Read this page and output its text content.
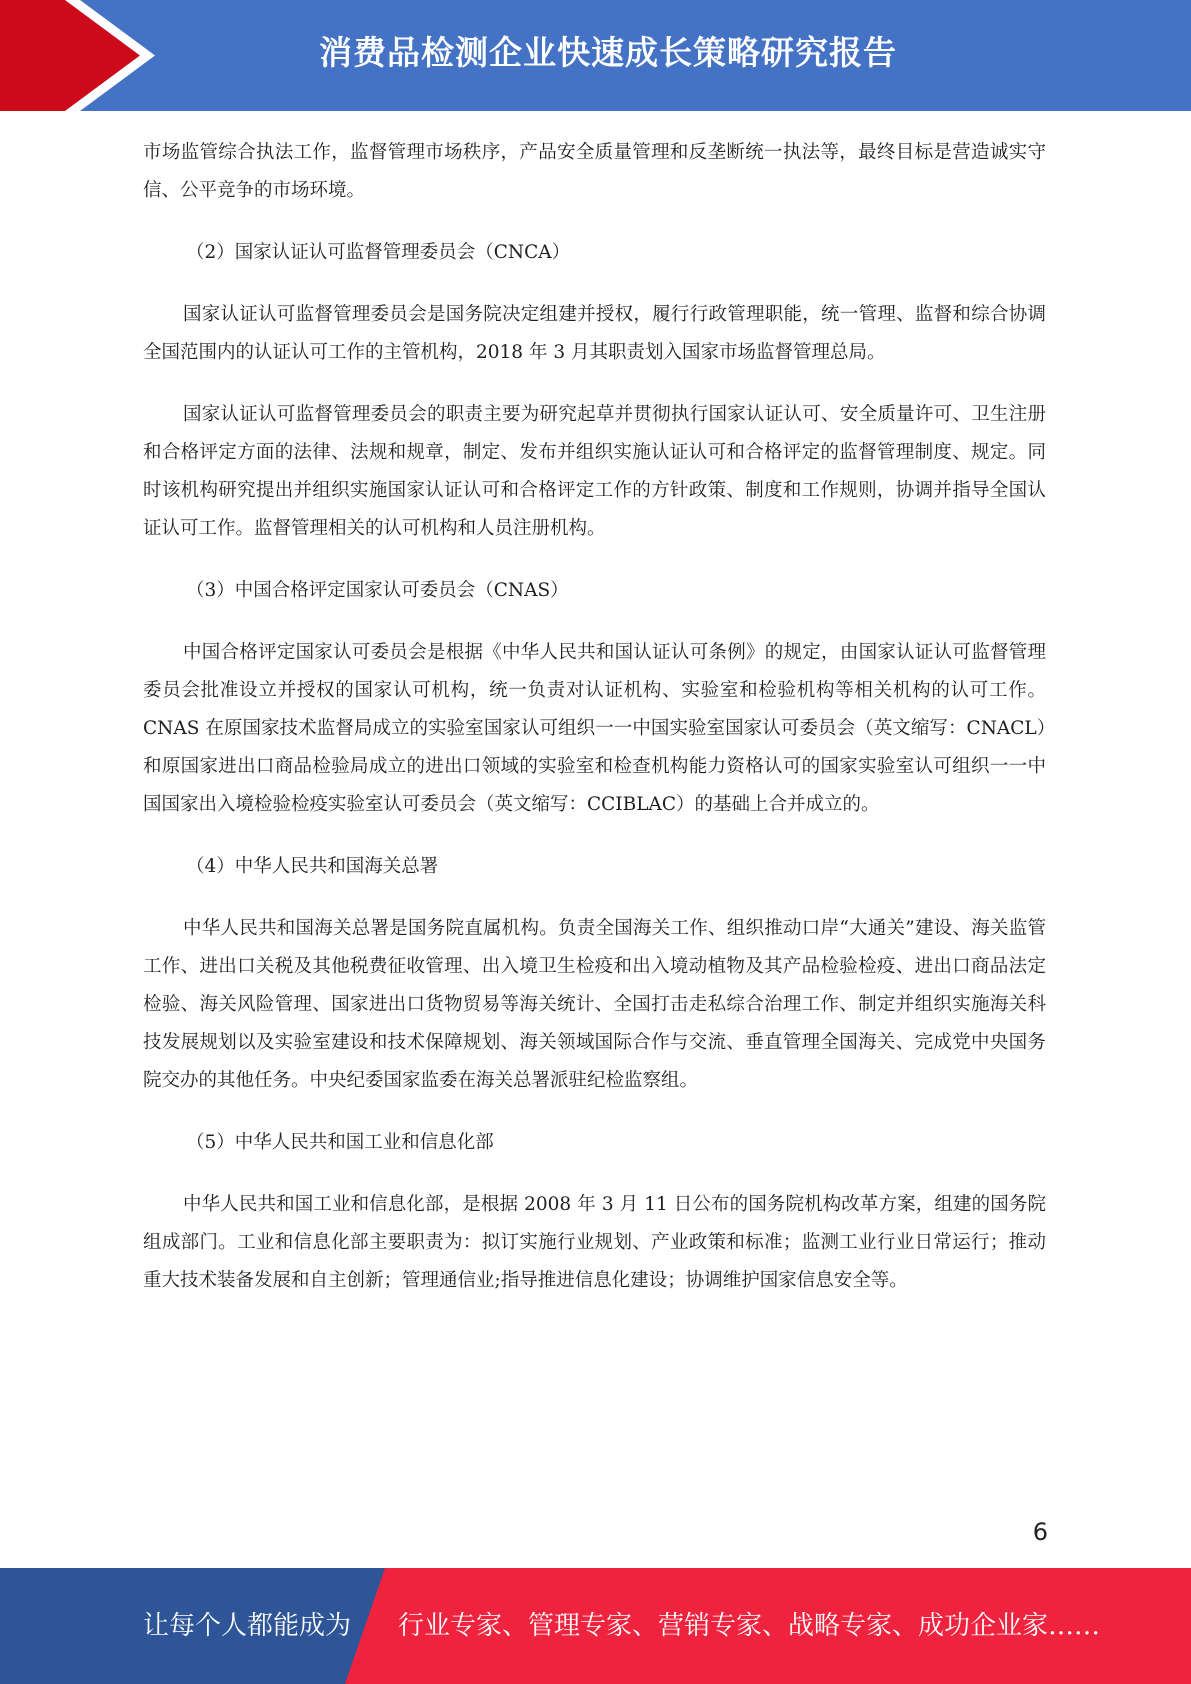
消费品检测企业快速成长策略研究报告

市场监管综合执法工作，监督管理市场秩序，产品安全质量管理和反垄断统一执法等，最终目标是营造诚实守信、公平竞争的市场环境。

（2）国家认证认可监督管理委员会（CNCA）

国家认证认可监督管理委员会是国务院决定组建并授权，履行行政管理职能，统一管理、监督和综合协调全国范围内的认证认可工作的主管机构，2018 年 3 月其职责划入国家市场监督管理总局。

国家认证认可监督管理委员会的职责主要为研究起草并贯彻执行国家认证认可、安全质量许可、卫生注册和合格评定方面的法律、法规和规章，制定、发布并组织实施认证认可和合格评定的监督管理制度、规定。同时该机构研究提出并组织实施国家认证认可和合格评定工作的方针政策、制度和工作规则，协调并指导全国认证认可工作。监督管理相关的认可机构和人员注册机构。

（3）中国合格评定国家认可委员会（CNAS）

中国合格评定国家认可委员会是根据《中华人民共和国认证认可条例》的规定，由国家认证认可监督管理委员会批准设立并授权的国家认可机构，统一负责对认证机构、实验室和检验机构等相关机构的认可工作。CNAS 在原国家技术监督局成立的实验室国家认可组织一一中国实验室国家认可委员会（英文缩写：CNACL）和原国家进出口商品检验局成立的进出口领域的实验室和检查机构能力资格认可的国家实验室认可组织一一中国国家出入境检验检疫实验室认可委员会（英文缩写：CCIBLAC）的基础上合并成立的。

（4）中华人民共和国海关总署

中华人民共和国海关总署是国务院直属机构。负责全国海关工作、组织推动口岸“大通关”建设、海关监管工作、进出口关税及其他税费征收管理、出入境卫生检疫和出入境动植物及其产品检验检疫、进出口商品法定检验、海关风险管理、国家进出口货物贸易等海关统计、全国打击走私综合治理工作、制定并组织实施海关科技发展规划以及实验室建设和技术保障规划、海关领域国际合作与交流、垂直管理全国海关、完成党中央国务院交办的其他任务。中央纪委国家监委在海关总署派驻纪检监察组。

（5）中华人民共和国工业和信息化部

中华人民共和国工业和信息化部，是根据 2008 年 3 月 11 日公布的国务院机构改革方案，组建的国务院组成部门。工业和信息化部主要职责为：拟订实施行业规划、产业政策和标准；监测工业行业日常运行；推动重大技术装备发展和自主创新；管理通信业;指导推进信息化建设；协调维护国家信息安全等。

6
让每个人都能成为 行业专家、管理专家、营销专家、战略专家、成功企业家……
